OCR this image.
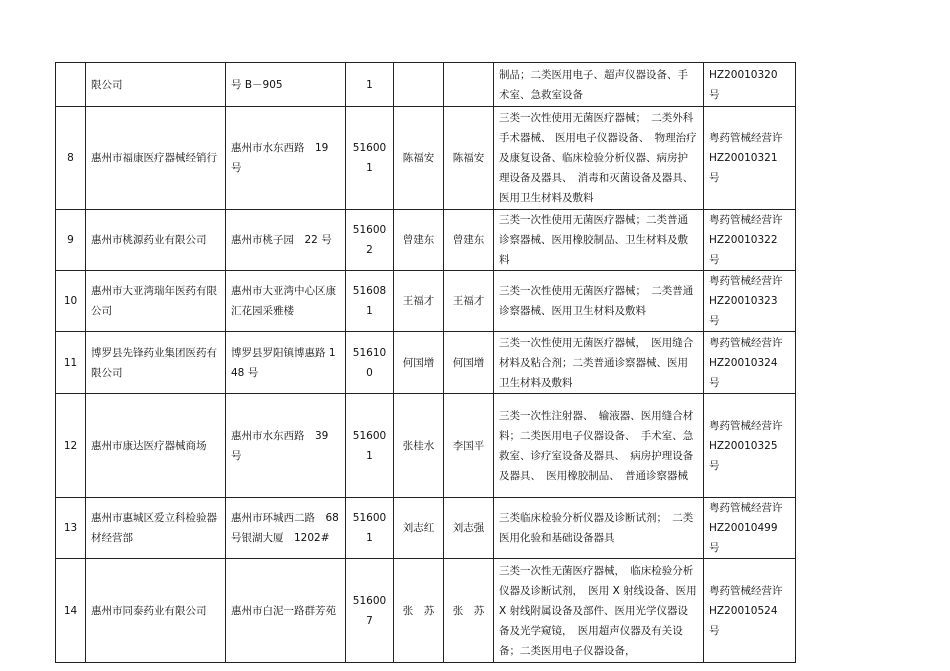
	限公司	号 B－905	1			制品；二类医用电子、超声仪器设备、手术室、急救室设备	HZ20010320　号
8	惠州市福康医疗器械经销行	惠州市水东西路　19 号	516001	陈福安	陈福安	三类一次性使用无菌医疗器械；　二类外科手术器械、 医用电子仪器设备、　物理治疗及康复设备、临床检验分析仪器、病房护理设备及器具、　消毒和灭菌设备及器具、医用卫生材料及敷料	粤药管械经营许 HZ20010321　号
9	惠州市桃源药业有限公司	惠州市桃子园　22 号	516002	曾建东	曾建东	三类一次性使用无菌医疗器械；二类普通诊察器械、医用橡胶制品、卫生材料及敷料	粤药管械经营许 HZ20010322　号
10	惠州市大亚湾瑞年医药有限公司	惠州市大亚湾中心区康汇花园采雅楼	516081	王福才	王福才	三类一次性使用无菌医疗器械；　二类普通诊察器械、医用卫生材料及敷料	粤药管械经营许 HZ20010323　号
11	博罗县先锋药业集团医药有限公司	博罗县罗阳镇博惠路 148 号	516100	何国增	何国增	三类一次性使用无菌医疗器械，　医用缝合材料及粘合剂；二类普通诊察器械、医用卫生材料及敷料	粤药管械经营许 HZ20010324　号
12	惠州市康达医疗器械商场	惠州市水东西路　39 号	516001	张桂水	李国平	三类一次性注射器、　输液器、医用缝合材料；二类医用电子仪器设备、　手术室、急救室、诊疗室设备及器具、　病房护理设备及器具、　医用橡胶制品、　普通诊察器械	粤药管械经营许 HZ20010325　号
13	惠州市惠城区爱立科检验器材经营部	惠州市环城西二路　68 号银湖大厦　1202#	516001	刘志红	刘志强	三类临床检验分析仪器及诊断试剂；　二类医用化验和基础设备器具	粤药管械经营许 HZ20010499　号
14	惠州市同泰药业有限公司	惠州市白泥一路群芳苑	516007	张　苏	张　苏	三类一次性无菌医疗器械，　临床检验分析仪器及诊断试剂，　医用 X 射线设备、医用　X 射线附属设备及部件、医用光学仪器设备及光学窥镜，　医用超声仪器及有关设备；二类医用电子仪器设备，	粤药管械经营许 HZ20010524　号
